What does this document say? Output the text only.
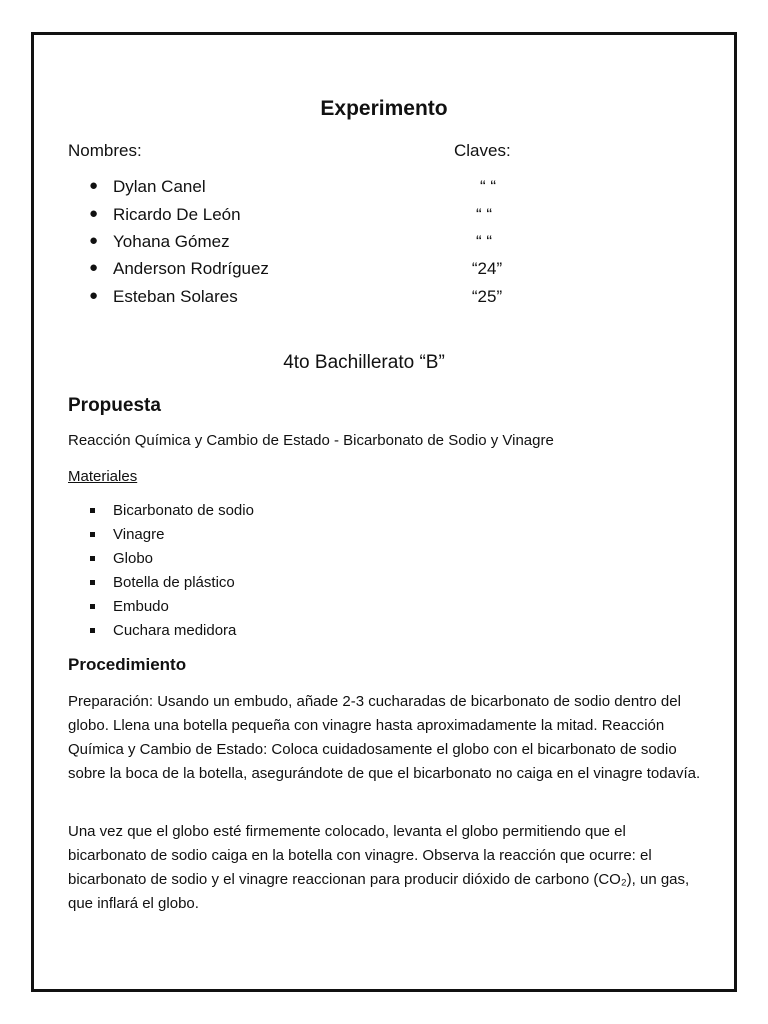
Experimento
Nombres:	Claves:
● Dylan Canel	“ “
● Ricardo De León	“ “
● Yohana Gómez	“ “
● Anderson Rodríguez	“24”
● Esteban Solares	“25”
4to Bachillerato “B”
Propuesta
Reacción Química y Cambio de Estado - Bicarbonato de Sodio y Vinagre
Materiales
Bicarbonato de sodio
Vinagre
Globo
Botella de plástico
Embudo
Cuchara medidora
Procedimiento
Preparación: Usando un embudo, añade 2-3 cucharadas de bicarbonato de sodio dentro del globo. Llena una botella pequeña con vinagre hasta aproximadamente la mitad. Reacción Química y Cambio de Estado: Coloca cuidadosamente el globo con el bicarbonato de sodio sobre la boca de la botella, asegurándote de que el bicarbonato no caiga en el vinagre todavía.
Una vez que el globo esté firmemente colocado, levanta el globo permitiendo que el bicarbonato de sodio caiga en la botella con vinagre. Observa la reacción que ocurre: el bicarbonato de sodio y el vinagre reaccionan para producir dióxido de carbono (CO₂), un gas, que inflará el globo.
